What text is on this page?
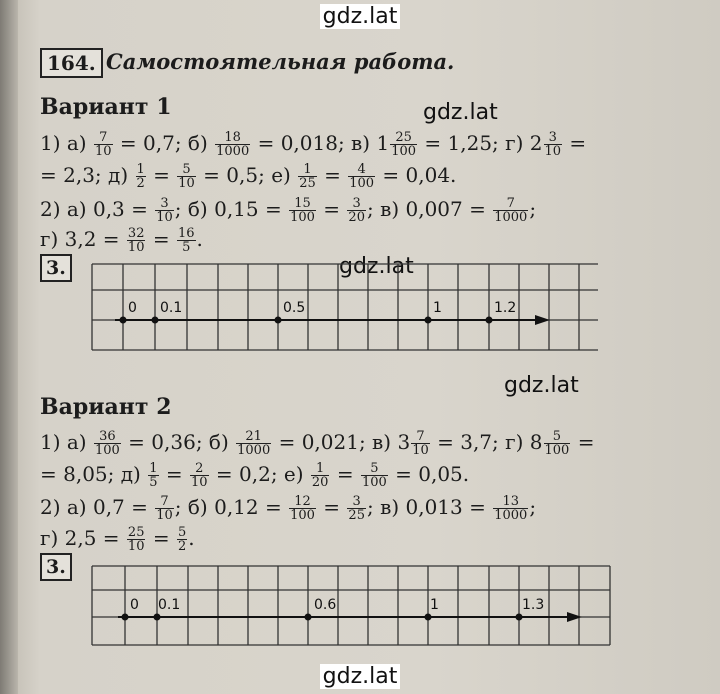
gdz.lat
gdz.lat
gdz.lat
gdz.lat
gdz.lat
164. Самостоятельная работа.
Вариант 1
1) $а) \frac{7}{10} = 0,7$; $б) \frac{18}{1000} = 0,018$; в) $1 \frac{25}{100} = 1,25$; г) $2 \frac{3}{10}$ =
= 2,3; $д) \frac{1}{2} = \frac{5}{10} = 0,5$; $е) \frac{1}{25} = \frac{4}{100} = 0,04$.
2) а) $0,3 = \frac{3}{10}$ ; б) $0,15 = \frac{15}{100} = \frac{3}{20}$ ; в) $0,007 = \frac{7}{1000}$ ;
г) $3,2 = \frac{32}{10} = \frac{16}{5}$ .
3.
0 0.1	0.5	1	1.2
Вариант 2
1) $а) \frac{36}{100} = 0,36$; $б) \frac{21}{1000} = 0,021$; в) $3 \frac{7}{10} = 3,7$; г) $8 \frac{5}{100}$ =
= 8,05; $д) \frac{1}{5} = \frac{2}{10} = 0,2$; $е) \frac{1}{20} = \frac{5}{100} = 0,05$.
2) а) $0,7 = \frac{7}{10}$ ; б) $0,12 = \frac{12}{100} = \frac{3}{25}$ ; в) $0,013 = \frac{13}{1000}$ ;
г) $2,5 = \frac{25}{10} = \frac{5}{2}$ .
3.
0 0.1	0.6	1	1.3
